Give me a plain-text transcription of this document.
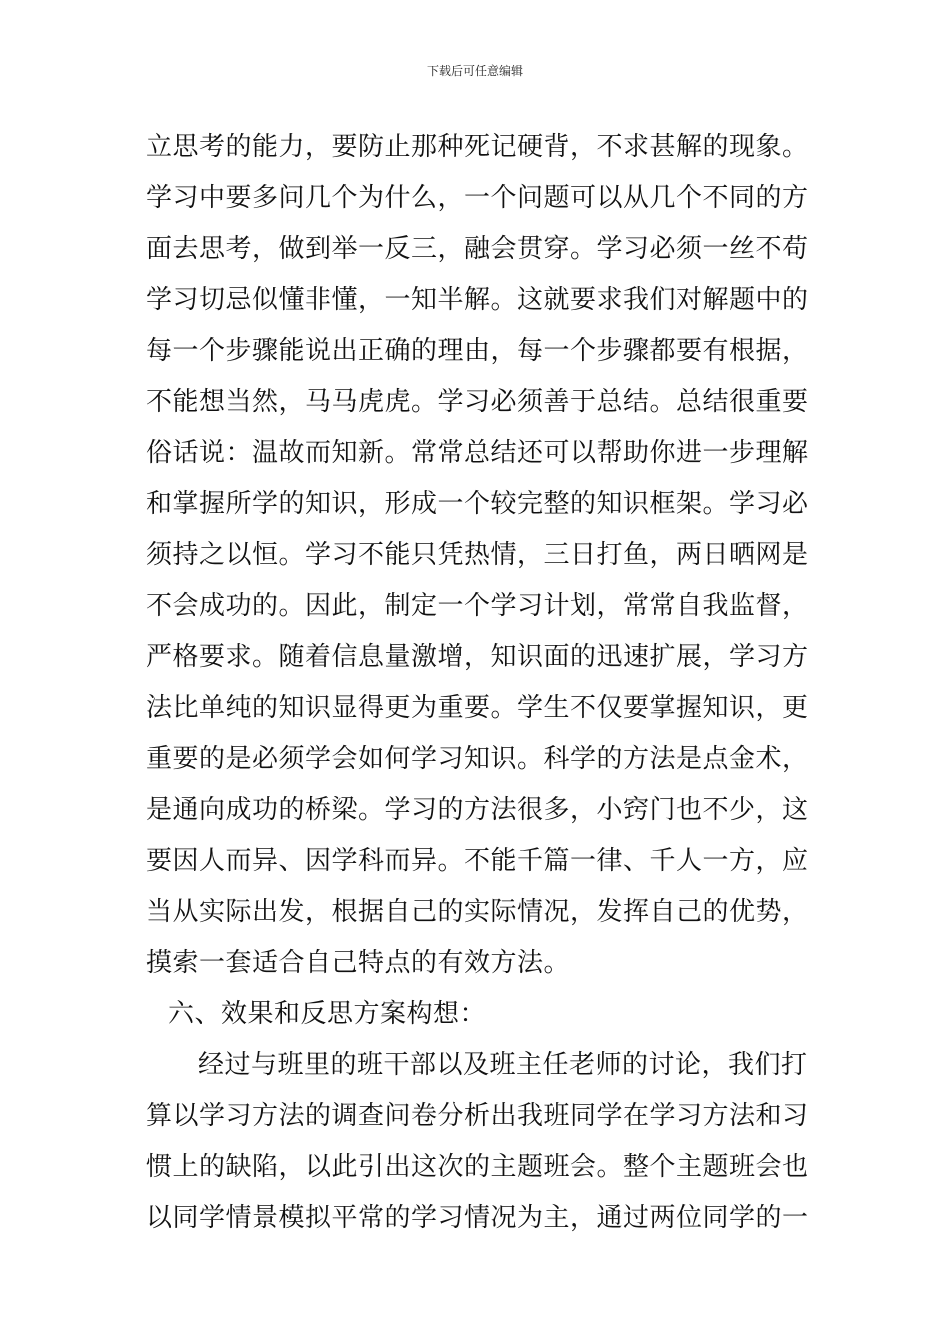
下载后可任意编辑
立思考的能力，要防止那种死记硬背，不求甚解的现象。
学习中要多问几个为什么，一个问题可以从几个不同的方
面去思考，做到举一反三，融会贯穿。学习必须一丝不苟
学习切忌似懂非懂，一知半解。这就要求我们对解题中的
每一个步骤能说出正确的理由，每一个步骤都要有根据，
不能想当然，马马虎虎。学习必须善于总结。总结很重要
俗话说：温故而知新。常常总结还可以帮助你进一步理解
和掌握所学的知识，形成一个较完整的知识框架。学习必
须持之以恒。学习不能只凭热情，三日打鱼，两日晒网是
不会成功的。因此，制定一个学习计划，常常自我监督，
严格要求。随着信息量激增，知识面的迅速扩展，学习方
法比单纯的知识显得更为重要。学生不仅要掌握知识，更
重要的是必须学会如何学习知识。科学的方法是点金术，
是通向成功的桥梁。学习的方法很多，小窍门也不少，这
要因人而异、因学科而异。不能千篇一律、千人一方，应
当从实际出发，根据自己的实际情况，发挥自己的优势，
摸索一套适合自己特点的有效方法。
六、效果和反思方案构想：
经过与班里的班干部以及班主任老师的讨论，我们打
算以学习方法的调查问卷分析出我班同学在学习方法和习
惯上的缺陷，以此引出这次的主题班会。整个主题班会也
以同学情景模拟平常的学习情况为主，通过两位同学的一
